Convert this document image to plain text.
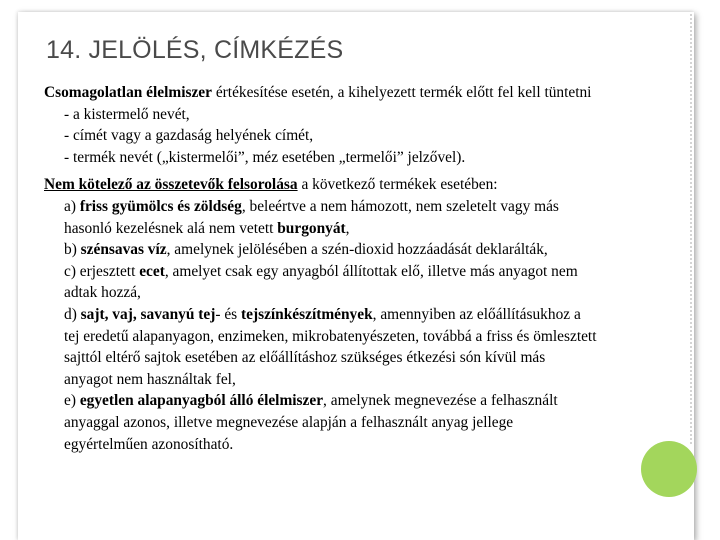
14. JELÖLÉS, CÍMKÉZÉS
Csomagolatlan élelmiszer értékesítése esetén, a kihelyezett termék előtt fel kell tüntetni
- a kistermelő nevét,
- címét vagy a gazdaság helyének címét,
- termék nevét („kistermelői”, méz esetében „termelői” jelzővel).
Nem kötelező az összetevők felsorolása a következő termékek esetében:
a) friss gyümölcs és zöldség, beleértve a nem hámozott, nem szeletelt vagy más
hasonló kezelésnek alá nem vetett burgonyát,
b) szénsavas víz, amelynek jelölésében a szén-dioxid hozzáadását deklarálták,
c) erjesztett ecet, amelyet csak egy anyagból állítottak elő, illetve más anyagot nem
adtak hozzá,
d) sajt, vaj, savanyú tej- és tejszínkészítmények, amennyiben az előállításukhoz a
tej eredetű alapanyagon, enzimeken, mikrobatenyészeten, továbbá a friss és ömlesztett
sajttól eltérő sajtok esetében az előállításhoz szükséges étkezési són kívül más
anyagot nem használtak fel,
e) egyetlen alapanyagból álló élelmiszer, amelynek megnevezése a felhasznált
anyaggal azonos, illetve megnevezése alapján a felhasznált anyag jellege
egyértelműen azonosítható.
